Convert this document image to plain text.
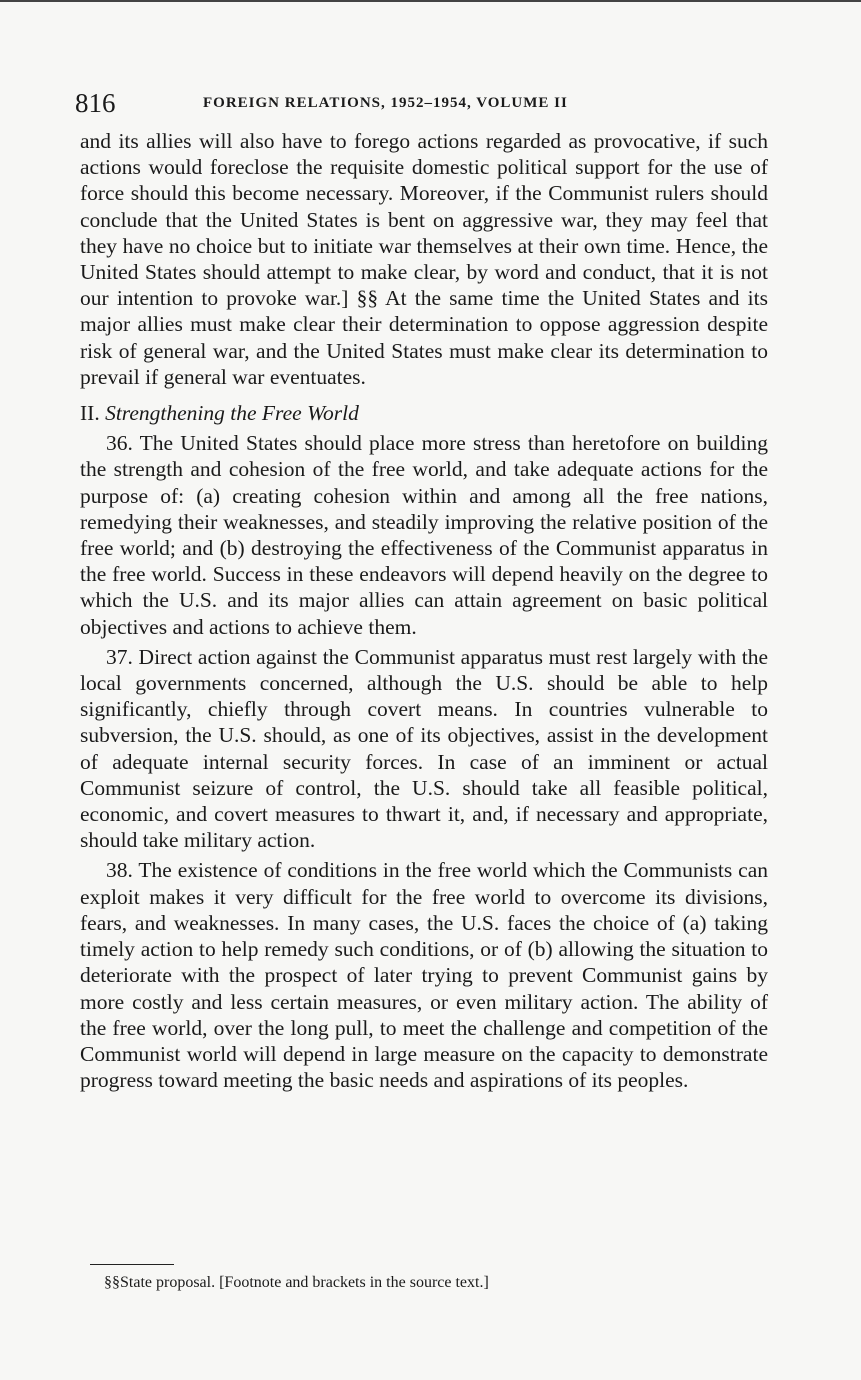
816	FOREIGN RELATIONS, 1952–1954, VOLUME II

and its allies will also have to forego actions regarded as provocative, if such actions would foreclose the requisite domestic political support for the use of force should this become necessary. Moreover, if the Communist rulers should conclude that the United States is bent on aggressive war, they may feel that they have no choice but to initiate war themselves at their own time. Hence, the United States should attempt to make clear, by word and conduct, that it is not our intention to provoke war.] §§ At the same time the United States and its major allies must make clear their determination to oppose aggression despite risk of general war, and the United States must make clear its determination to prevail if general war eventuates.

II. Strengthening the Free World

36. The United States should place more stress than heretofore on building the strength and cohesion of the free world, and take adequate actions for the purpose of: (a) creating cohesion within and among all the free nations, remedying their weaknesses, and steadily improving the relative position of the free world; and (b) destroying the effectiveness of the Communist apparatus in the free world. Success in these endeavors will depend heavily on the degree to which the U.S. and its major allies can attain agreement on basic political objectives and actions to achieve them.

37. Direct action against the Communist apparatus must rest largely with the local governments concerned, although the U.S. should be able to help significantly, chiefly through covert means. In countries vulnerable to subversion, the U.S. should, as one of its objectives, assist in the development of adequate internal security forces. In case of an imminent or actual Communist seizure of control, the U.S. should take all feasible political, economic, and covert measures to thwart it, and, if necessary and appropriate, should take military action.

38. The existence of conditions in the free world which the Communists can exploit makes it very difficult for the free world to overcome its divisions, fears, and weaknesses. In many cases, the U.S. faces the choice of (a) taking timely action to help remedy such conditions, or of (b) allowing the situation to deteriorate with the prospect of later trying to prevent Communist gains by more costly and less certain measures, or even military action. The ability of the free world, over the long pull, to meet the challenge and competition of the Communist world will depend in large measure on the capacity to demonstrate progress toward meeting the basic needs and aspirations of its peoples.

§§State proposal. [Footnote and brackets in the source text.]
